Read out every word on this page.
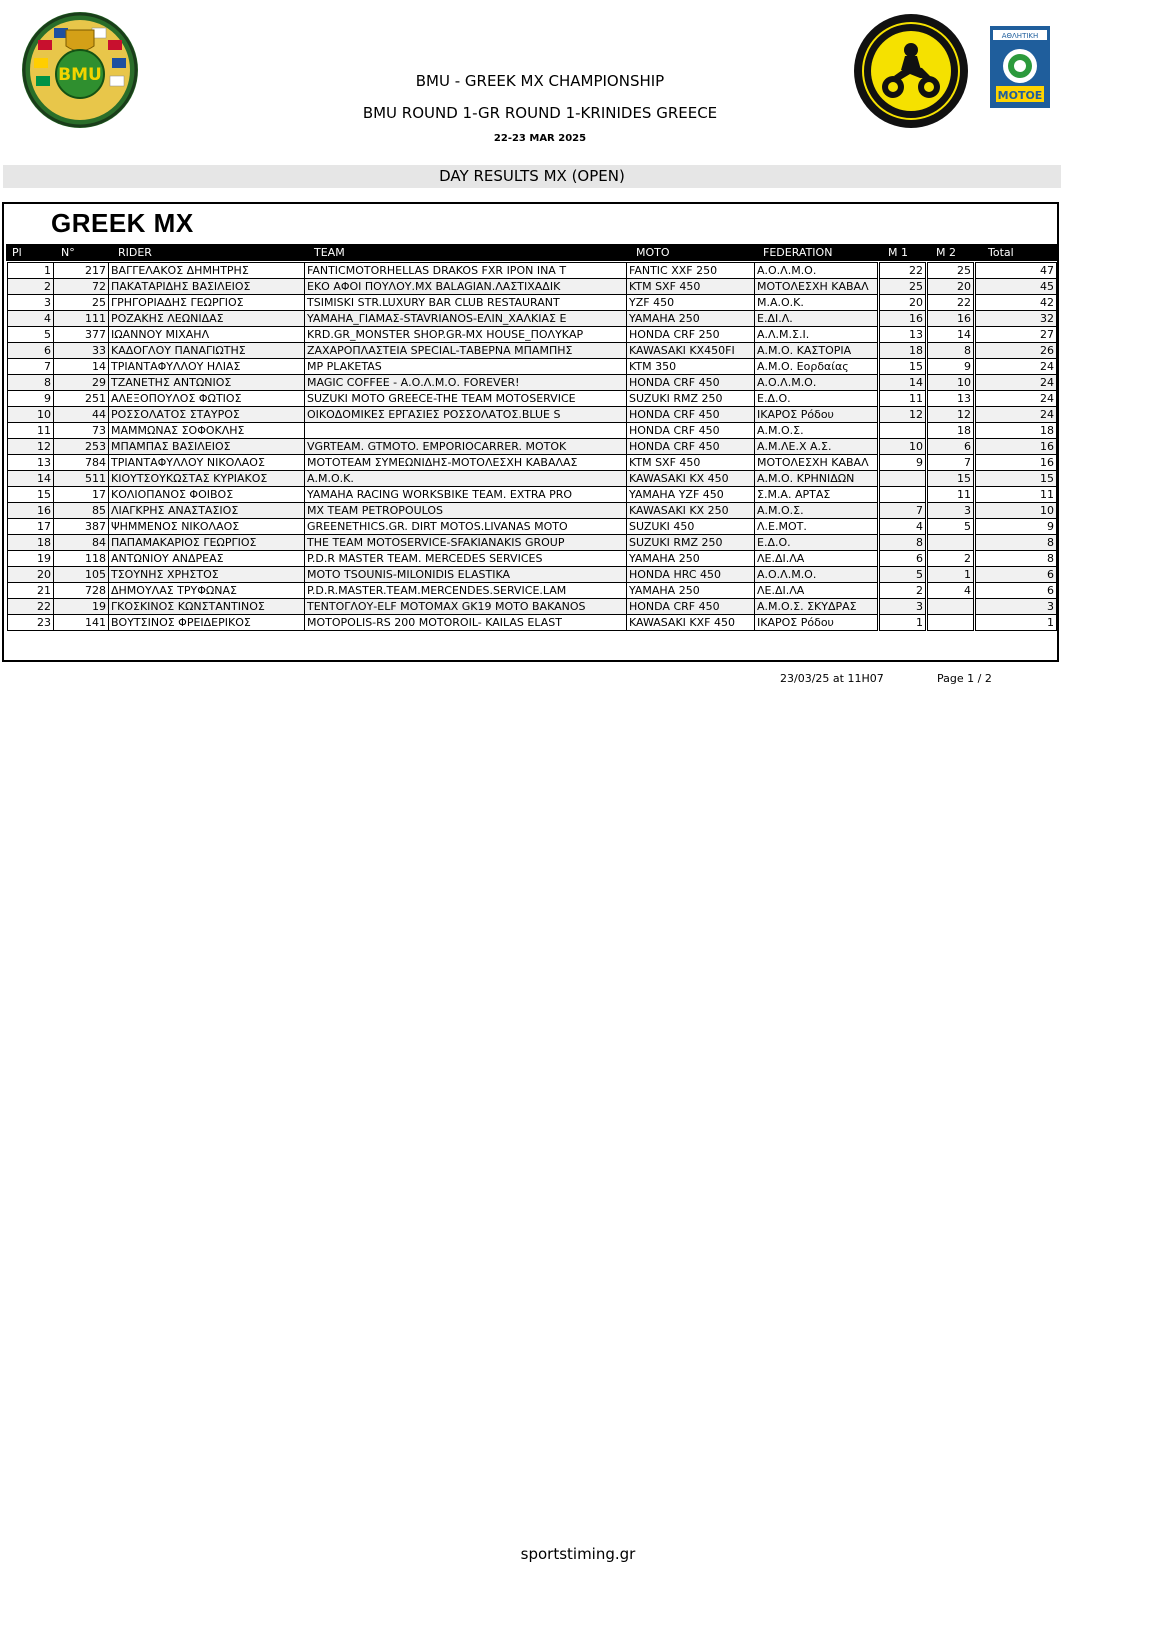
BMU
ΑΘΛΗΤΙΚΗ
MOTOE
BMU - GREEK MX CHAMPIONSHIP
BMU ROUND 1-GR ROUND 1-KRINIDES GREECE
22-23 MAR 2025
DAY RESULTS MX (OPEN)
GREEK MX
Pl	N°	RIDER	TEAM	MOTO	FEDERATION	M 1	M 2	Total
1	217	ΒΑΓΓΕΛΑΚΟΣ ΔΗΜΗΤΡΗΣ	FANTICMOTORHELLAS DRAKOS FXR IPON INA T	FANTIC XXF 250	Α.Ο.Λ.Μ.Ο.	22	25	47
2	72	ΠΑΚΑΤΑΡΙΔΗΣ ΒΑΣΙΛΕΙΟΣ	ΕΚΟ ΑΦΟΙ ΠΟΥΛΟΥ.MX BALAGIAN.ΛΑΣΤΙΧΑΔΙΚ	KTM SXF 450	ΜΟΤΟΛΕΣΧΗ ΚΑΒΑΛ	25	20	45
3	25	ΓΡΗΓΟΡΙΑΔΗΣ ΓΕΩΡΓΙΟΣ	TSIMISKI STR.LUXURY BAR CLUB RESTAURANT	YZF 450	Μ.Α.Ο.Κ.	20	22	42
4	111	ΡΟΖΑΚΗΣ ΛΕΩΝΙΔΑΣ	YAMAHA_ΓΙΑΜΑΣ-STAVRIANOS-ΕΛΙΝ_ΧΑΛΚΙΑΣ Ε	YAMAHA 250	Ε.ΔΙ.Λ.	16	16	32
5	377	ΙΩΑΝΝΟΥ ΜΙΧΑΗΛ	KRD.GR_MONSTER SHOP.GR-MX HOUSE_ΠΟΛΥΚΑΡ	HONDA CRF 250	Α.Λ.Μ.Σ.Ι.	13	14	27
6	33	ΚΑΔΟΓΛΟΥ ΠΑΝΑΓΙΩΤΗΣ	ΖΑΧΑΡΟΠΛΑΣΤΕΙΑ SPECIAL-ΤΑΒΕΡΝΑ ΜΠΑΜΠΗΣ	KAWASAKI KX450FI	Α.Μ.Ο. ΚΑΣΤΟΡΙΑ	18	8	26
7	14	ΤΡΙΑΝΤΑΦΥΛΛΟΥ ΗΛΙΑΣ	MP PLAKETAS	KTM 350	Α.Μ.Ο. Εορδαίας	15	9	24
8	29	ΤΖΑΝΕΤΗΣ ΑΝΤΩΝΙΟΣ	MAGIC COFFEE - Α.Ο.Λ.Μ.Ο. FOREVER!	HONDA CRF 450	Α.Ο.Λ.Μ.Ο.	14	10	24
9	251	ΑΛΕΞΟΠΟΥΛΟΣ ΦΩΤΙΟΣ	SUZUKI MOTO GREECE-THE TEAM MOTOSERVICE	SUZUKI RMZ 250	Ε.Δ.Ο.	11	13	24
10	44	ΡΟΣΣΟΛΑΤΟΣ ΣΤΑΥΡΟΣ	ΟΙΚΟΔΟΜΙΚΕΣ ΕΡΓΑΣΙΕΣ ΡΟΣΣΟΛΑΤΟΣ.BLUE S	HONDA CRF 450	ΙΚΑΡΟΣ Ρόδου	12	12	24
11	73	ΜΑΜΜΩΝΑΣ ΣΟΦΟΚΛΗΣ		HONDA CRF 450	Α.Μ.Ο.Σ.		18	18
12	253	ΜΠΑΜΠΑΣ ΒΑΣΙΛΕΙΟΣ	VGRTEAM. GTMOTO. EMPORIOCARRER. MOTOK	HONDA CRF 450	Α.Μ.ΛΕ.Χ Α.Σ.	10	6	16
13	784	ΤΡΙΑΝΤΑΦΥΛΛΟΥ ΝΙΚΟΛΑΟΣ	MOTOTEAM ΣΥΜΕΩΝΙΔΗΣ-ΜΟΤΟΛΕΣΧΗ ΚΑΒΑΛΑΣ	KTM SXF 450	ΜΟΤΟΛΕΣΧΗ ΚΑΒΑΛ	9	7	16
14	511	ΚΙΟΥΤΣΟΥΚΩΣΤΑΣ ΚΥΡΙΑΚΟΣ	Α.Μ.Ο.Κ.	KAWASAKI KX 450	Α.Μ.Ο. ΚΡΗΝΙΔΩΝ		15	15
15	17	ΚΟΛΙΟΠΑΝΟΣ ΦΟΙΒΟΣ	YAMAHA RACING WORKSBIKE TEAM. EXTRA PRO	YAMAHA YZF 450	Σ.Μ.Α. ΑΡΤΑΣ		11	11
16	85	ΛΙΑΓΚΡΗΣ ΑΝΑΣΤΑΣΙΟΣ	MX TEAM PETROPOULOS	KAWASAKI KX 250	Α.Μ.Ο.Σ.	7	3	10
17	387	ΨΗΜΜΕΝΟΣ ΝΙΚΟΛΑΟΣ	GREENETHICS.GR. DIRT MOTOS.LIVANAS MOTO	SUZUKI 450	Λ.Ε.ΜΟΤ.	4	5	9
18	84	ΠΑΠΑΜΑΚΑΡΙΟΣ ΓΕΩΡΓΙΟΣ	THE TEAM MOTOSERVICE-SFAKIANAKIS GROUP	SUZUKI RMZ 250	Ε.Δ.Ο.	8		8
19	118	ΑΝΤΩΝΙΟΥ ΑΝΔΡΕΑΣ	P.D.R MASTER TEAM. MERCEDES SERVICES	YAMAHA 250	ΛΕ.ΔΙ.ΛΑ	6	2	8
20	105	ΤΣΟΥΝΗΣ ΧΡΗΣΤΟΣ	MOTO TSOUNIS-MILONIDIS ELASTIKA	HONDA HRC 450	Α.Ο.Λ.Μ.Ο.	5	1	6
21	728	ΔΗΜΟΥΛΑΣ ΤΡΥΦΩΝΑΣ	P.D.R.MASTER.TEAM.MERCENDES.SERVICE.LAM	YAMAHA 250	ΛΕ.ΔΙ.ΛΑ	2	4	6
22	19	ΓΚΟΣΚΙΝΟΣ ΚΩΝΣΤΑΝΤΙΝΟΣ	ΤΕΝΤΟΓΛΟΥ-ELF MOTOMAX GK19 MOTO BAKANOS	HONDA CRF 450	Α.Μ.Ο.Σ. ΣΚΥΔΡΑΣ	3		3
23	141	ΒΟΥΤΣΙΝΟΣ ΦΡΕΙΔΕΡΙΚΟΣ	MOTOPOLIS-RS 200 MOTOROIL- KAILAS ELAST	KAWASAKI KXF 450	ΙΚΑΡΟΣ Ρόδου	1		1
23/03/25 at 11H07	Page 1 / 2
sportstiming.gr
